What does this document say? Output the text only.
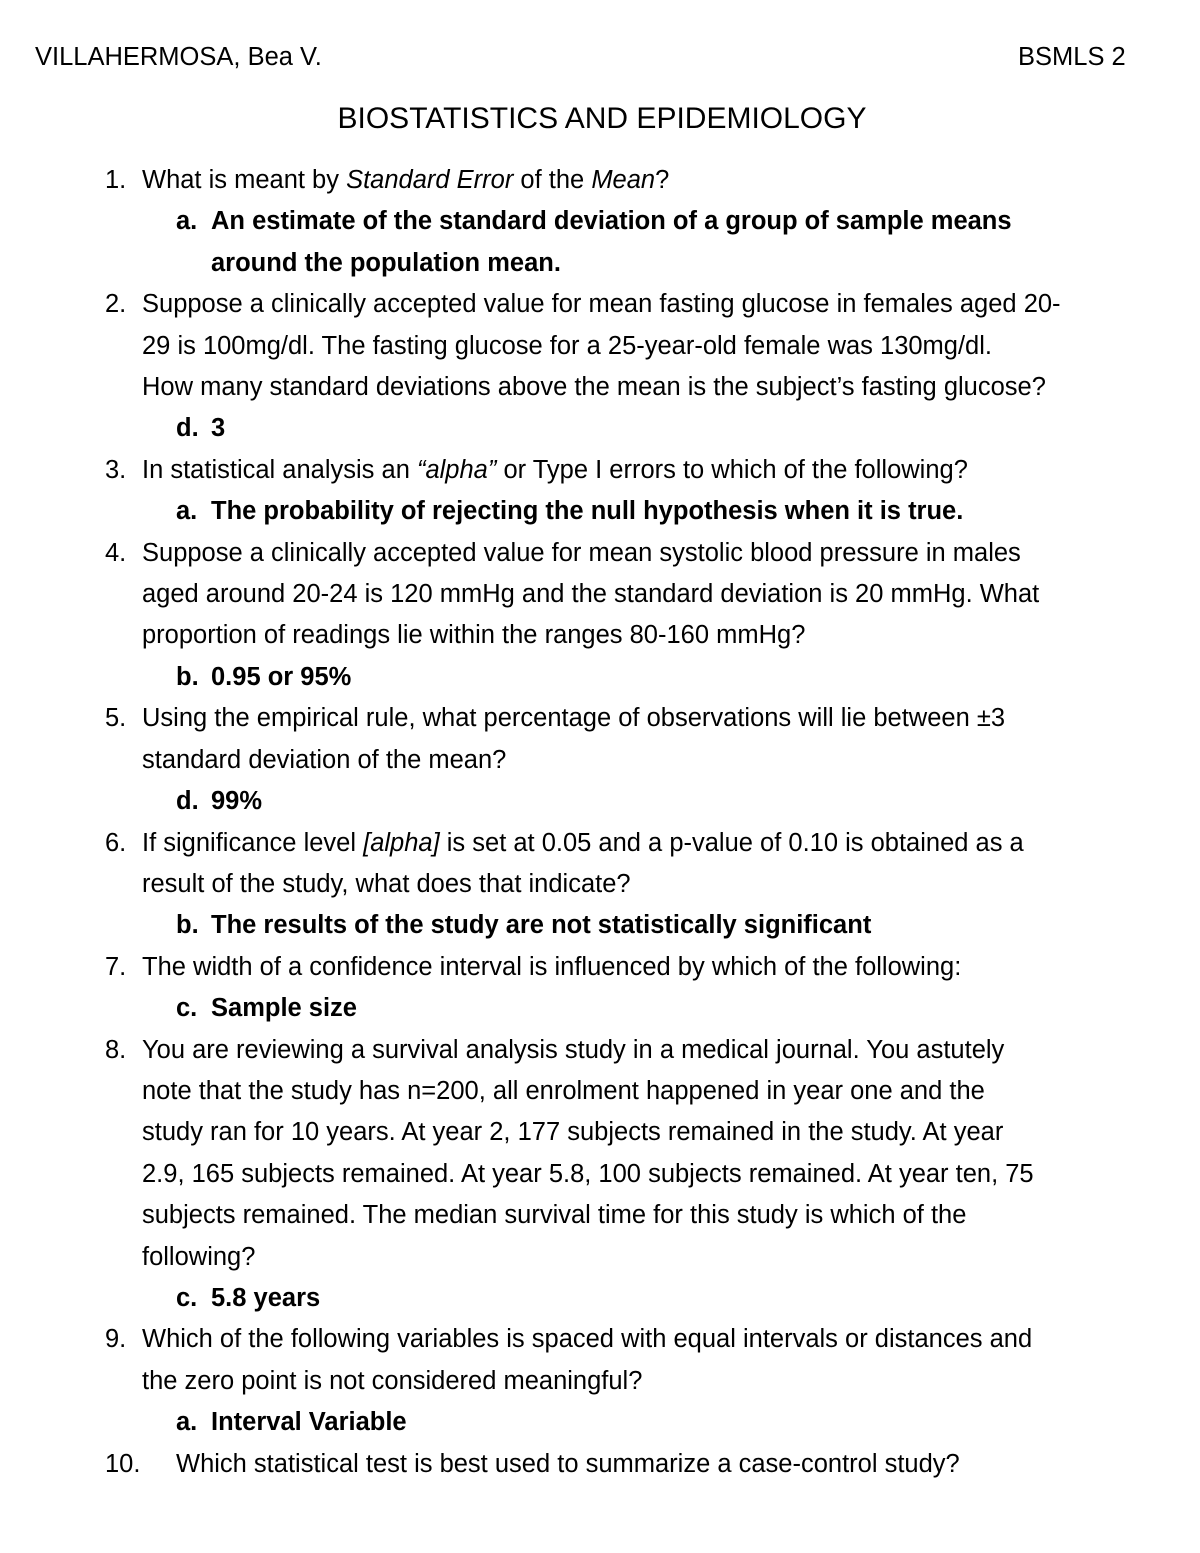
VILLAHERMOSA, Bea V.	BSMLS 2
BIOSTATISTICS AND EPIDEMIOLOGY
1. What is meant by Standard Error of the Mean?
a. An estimate of the standard deviation of a group of sample means
around the population mean.
2. Suppose a clinically accepted value for mean fasting glucose in females aged 20-
29 is 100mg/dl. The fasting glucose for a 25-year-old female was 130mg/dl.
How many standard deviations above the mean is the subject’s fasting glucose?
d. 3
3. In statistical analysis an “alpha” or Type I errors to which of the following?
a. The probability of rejecting the null hypothesis when it is true.
4. Suppose a clinically accepted value for mean systolic blood pressure in males
aged around 20-24 is 120 mmHg and the standard deviation is 20 mmHg. What
proportion of readings lie within the ranges 80-160 mmHg?
b. 0.95 or 95%
5. Using the empirical rule, what percentage of observations will lie between ±3
standard deviation of the mean?
d. 99%
6. If significance level [alpha] is set at 0.05 and a p-value of 0.10 is obtained as a
result of the study, what does that indicate?
b. The results of the study are not statistically significant
7. The width of a confidence interval is influenced by which of the following:
c. Sample size
8. You are reviewing a survival analysis study in a medical journal. You astutely
note that the study has n=200, all enrolment happened in year one and the
study ran for 10 years. At year 2, 177 subjects remained in the study. At year
2.9, 165 subjects remained. At year 5.8, 100 subjects remained. At year ten, 75
subjects remained. The median survival time for this study is which of the
following?
c. 5.8 years
9. Which of the following variables is spaced with equal intervals or distances and
the zero point is not considered meaningful?
a. Interval Variable
10. Which statistical test is best used to summarize a case-control study?
